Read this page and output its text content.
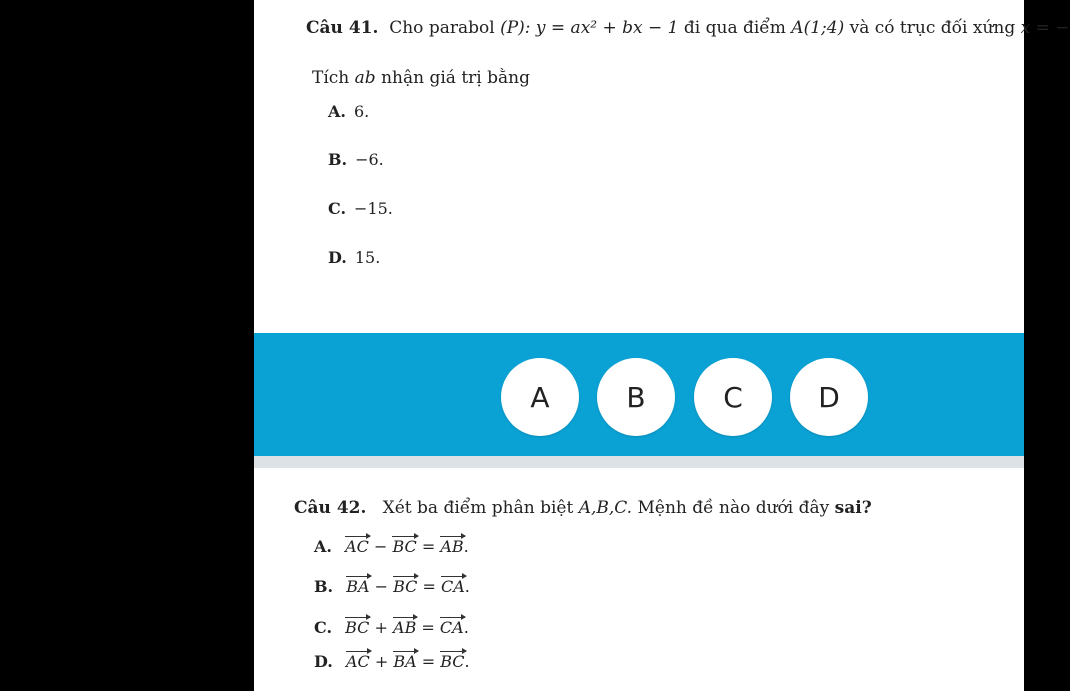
Câu 41. Cho parabol (P): y = ax² + bx − 1 đi qua điểm A(1;4) và có trục đối xứng x = −
Tích ab nhận giá trị bằng
A. 6.
B. −6.
C. −15.
D. 15.
Câu 42. Xét ba điểm phân biệt A,B,C. Mệnh đề nào dưới đây sai?
A. AC − BC = AB.
B. BA − BC = CA.
C. BC + AB = CA.
D. AC + BA = BC.
A	B	C	D
